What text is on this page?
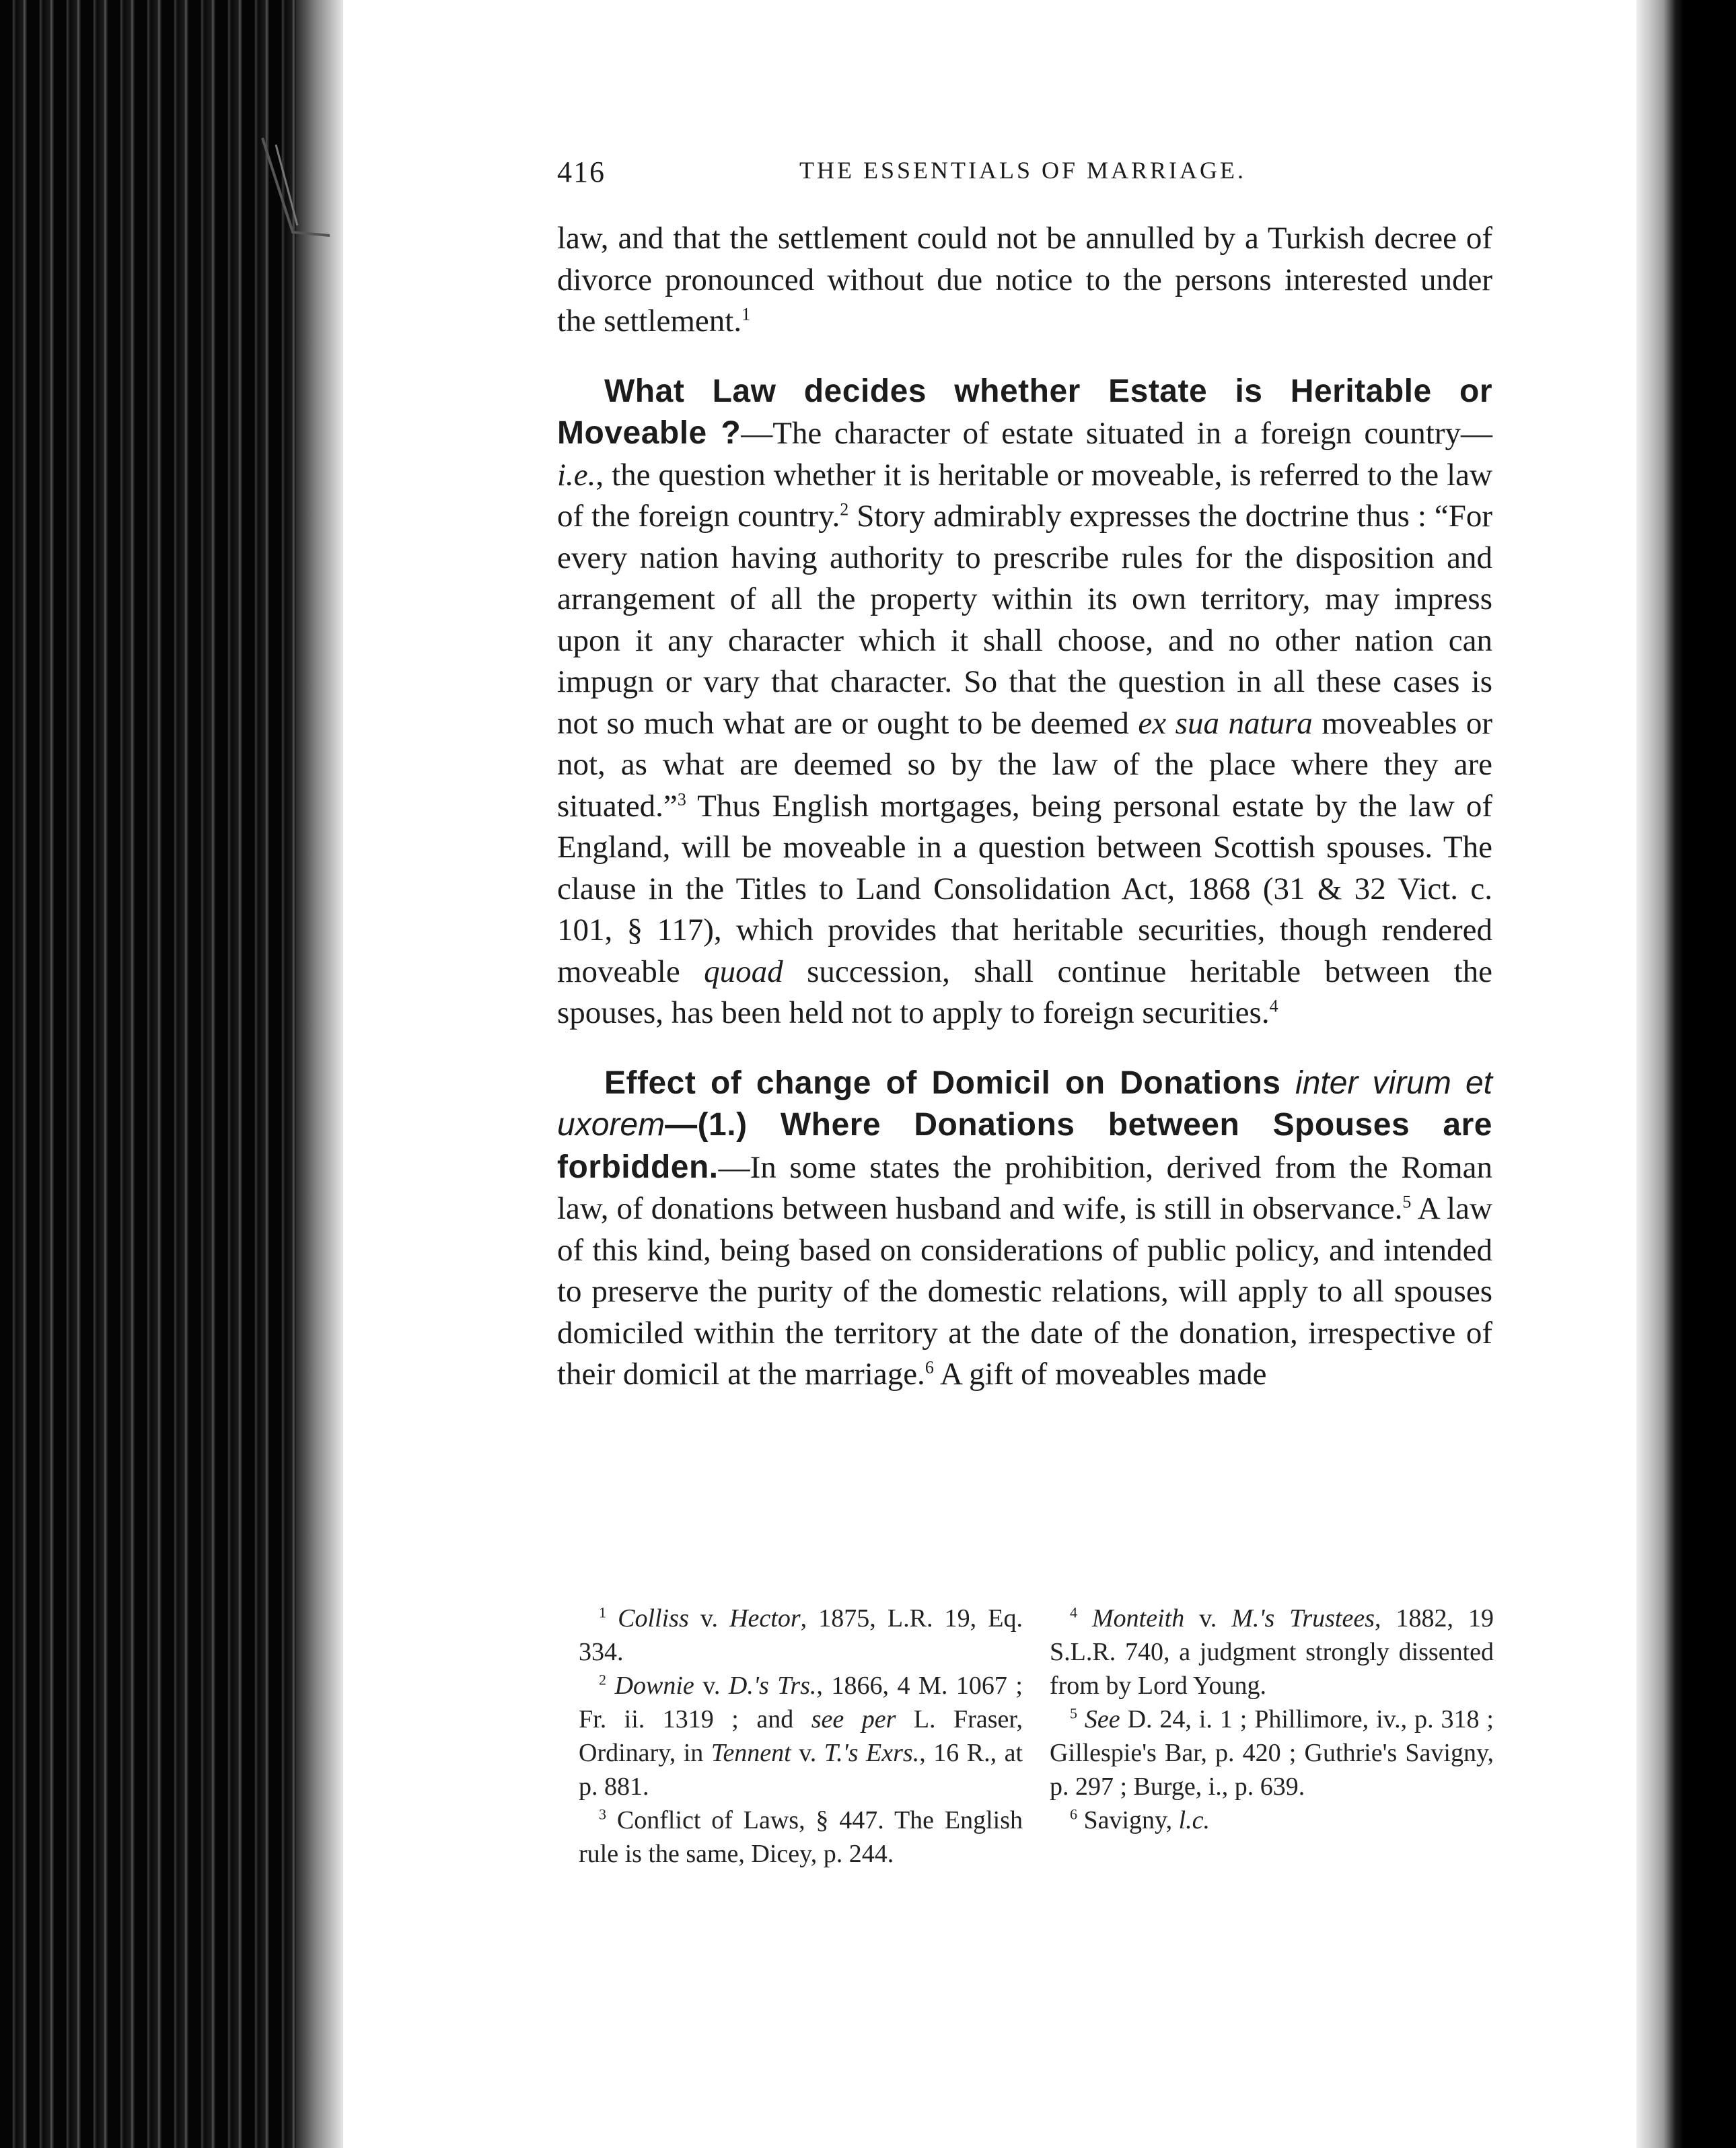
416	THE ESSENTIALS OF MARRIAGE.

law, and that the settlement could not be annulled by a Turkish decree of divorce pronounced without due notice to the persons interested under the settlement.$^1$

What Law decides whether Estate is Heritable or Moveable ?—The character of estate situated in a foreign country—i.e., the question whether it is heritable or moveable, is referred to the law of the foreign country.$^2$ Story admirably expresses the doctrine thus : “For every nation having authority to prescribe rules for the disposition and arrangement of all the property within its own territory, may impress upon it any character which it shall choose, and no other nation can impugn or vary that character. So that the question in all these cases is not so much what are or ought to be deemed ex sua natura moveables or not, as what are deemed so by the law of the place where they are situated.”$^3$ Thus English mortgages, being personal estate by the law of England, will be moveable in a question between Scottish spouses. The clause in the Titles to Land Consolidation Act, 1868 (31 & 32 Vict. c. 101, § 117), which provides that heritable securities, though rendered moveable quoad succession, shall continue heritable between the spouses, has been held not to apply to foreign securities.$^4$

Effect of change of Domicil on Donations inter virum et uxorem—(1.) Where Donations between Spouses are forbidden.—In some states the prohibition, derived from the Roman law, of donations between husband and wife, is still in observance.$^5$ A law of this kind, being based on considerations of public policy, and intended to preserve the purity of the domestic relations, will apply to all spouses domiciled within the territory at the date of the donation, irrespective of their domicil at the marriage.$^6$ A gift of moveables made

$^1$ Colliss v. Hector, 1875, L.R. 19, Eq. 334.

$^2$ Downie v. D.'s Trs., 1866, 4 M. 1067 ; Fr. ii. 1319 ; and see per L. Fraser, Ordinary, in Tennent v. T.'s Exrs., 16 R., at p. 881.

$^3$ Conflict of Laws, § 447. The English rule is the same, Dicey, p. 244.

$^4$ Monteith v. M.'s Trustees, 1882, 19 S.L.R. 740, a judgment strongly dissented from by Lord Young.

$^5$ See D. 24, i. 1 ; Phillimore, iv., p. 318 ; Gillespie's Bar, p. 420 ; Guthrie's Savigny, p. 297 ; Burge, i., p. 639.

$^6$ Savigny, l.c.
